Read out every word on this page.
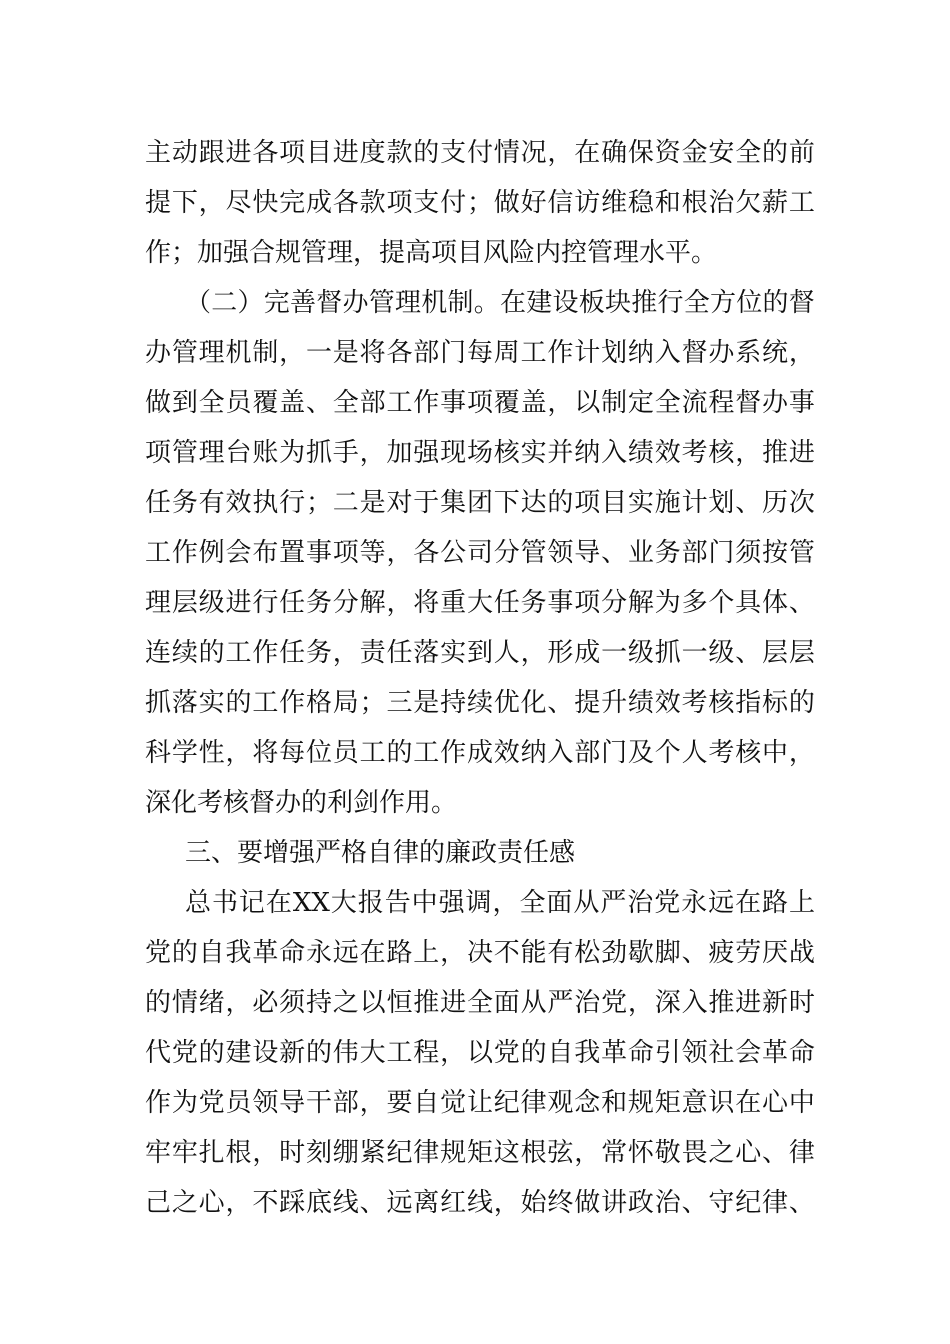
主 动 跟 进 各 项 目 进 度 款 的 支 付 情 况 ， 在 确 保 资 金 安 全 的 前
提 下 ， 尽 快 完 成 各 款 项 支 付 ； 做 好 信 访 维 稳 和 根 治 欠 薪 工
作；加强合规管理，提高项目风险内控管理水平。
（ 二 ） 完 善 督 办 管 理 机 制 。 在 建 设 板 块 推 行 全 方 位 的 督
办 管 理 机 制 ， 一 是 将 各 部 门 每 周 工 作 计 划 纳 入 督 办 系 统 ，
做 到 全 员 覆 盖 、 全 部 工 作 事 项 覆 盖 ， 以 制 定 全 流 程 督 办 事
项 管 理 台 账 为 抓 手 ， 加 强 现 场 核 实 并 纳 入 绩 效 考 核 ， 推 进
任 务 有 效 执 行 ； 二 是 对 于 集 团 下 达 的 项 目 实 施 计 划 、 历 次
工 作 例 会 布 置 事 项 等 ， 各 公 司 分 管 领 导 、 业 务 部 门 须 按 管
理 层 级 进 行 任 务 分 解 ， 将 重 大 任 务 事 项 分 解 为 多 个 具 体 、
连 续 的 工 作 任 务 ， 责 任 落 实 到 人 ， 形 成 一 级 抓 一 级 、 层 层
抓 落 实 的 工 作 格 局 ； 三 是 持 续 优 化 、 提 升 绩 效 考 核 指 标 的
科 学 性 ， 将 每 位 员 工 的 工 作 成 效 纳 入 部 门 及 个 人 考 核 中 ，
深化考核督办的利剑作用。
三、要增强严格自律的廉政责任感
总 书 记 在 XX 大 报 告 中 强 调 ， 全 面 从 严 治 党 永 远 在 路 上
党 的 自 我 革 命 永 远 在 路 上 ， 决 不 能 有 松 劲 歇 脚 、 疲 劳 厌 战
的 情 绪 ， 必 须 持 之 以 恒 推 进 全 面 从 严 治 党 ， 深 入 推 进 新 时
代 党 的 建 设 新 的 伟 大 工 程 ， 以 党 的 自 我 革 命 引 领 社 会 革 命
作 为 党 员 领 导 干 部 ， 要 自 觉 让 纪 律 观 念 和 规 矩 意 识 在 心 中
牢 牢 扎 根 ， 时 刻 绷 紧 纪 律 规 矩 这 根 弦 ， 常 怀 敬 畏 之 心 、 律
己 之 心 ， 不 踩 底 线 、 远 离 红 线 ， 始 终 做 讲 政 治 、 守 纪 律 、
